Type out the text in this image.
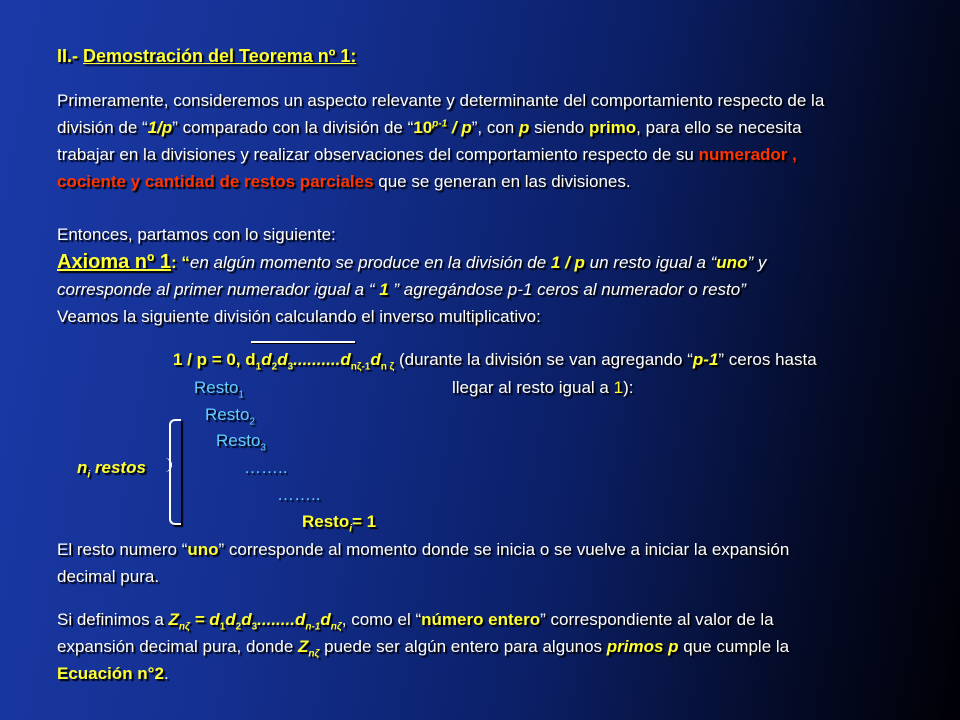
II.- Demostración del Teorema nº 1:
Primeramente, consideremos un aspecto relevante y determinante del comportamiento respecto de la
división de “1/p” comparado con la división de “10$^{p-1}$ / p”, con p siendo primo, para ello se necesita
trabajar en la divisiones y realizar observaciones del comportamiento respecto de su numerador ,
cociente y cantidad de restos parciales que se generan en las divisiones.
Entonces, partamos con lo siguiente:
Axioma nº 1: “en algún momento se produce en la división de 1 / p un resto igual a “uno” y
corresponde al primer numerador igual a “ 1 ” agregándose p-1 ceros al numerador o resto”
Veamos la siguiente división calculando el inverso multiplicativo:
1 / p = 0, $d_1d_2d_3..........d_{n\zeta-1}d_{n \zeta}$ (durante la división se van agregando “p-1” ceros hasta
Resto$_1$	llegar al resto igual a 1):
Resto$_2$
Resto$_3$
$n_i$ restos	……..
……..
Resto$_i$= 1
El resto numero “uno” corresponde al momento donde se inicia o se vuelve a iniciar la expansión
decimal pura.
Si definimos a $Z_{n\zeta} = d_1d_2d_3........d_{n-1}d_{n\zeta}$, como el “número entero” correspondiente al valor de la
expansión decimal pura, donde $Z_{n\zeta}$ puede ser algún entero para algunos primos p que cumple la
Ecuación n°2.
